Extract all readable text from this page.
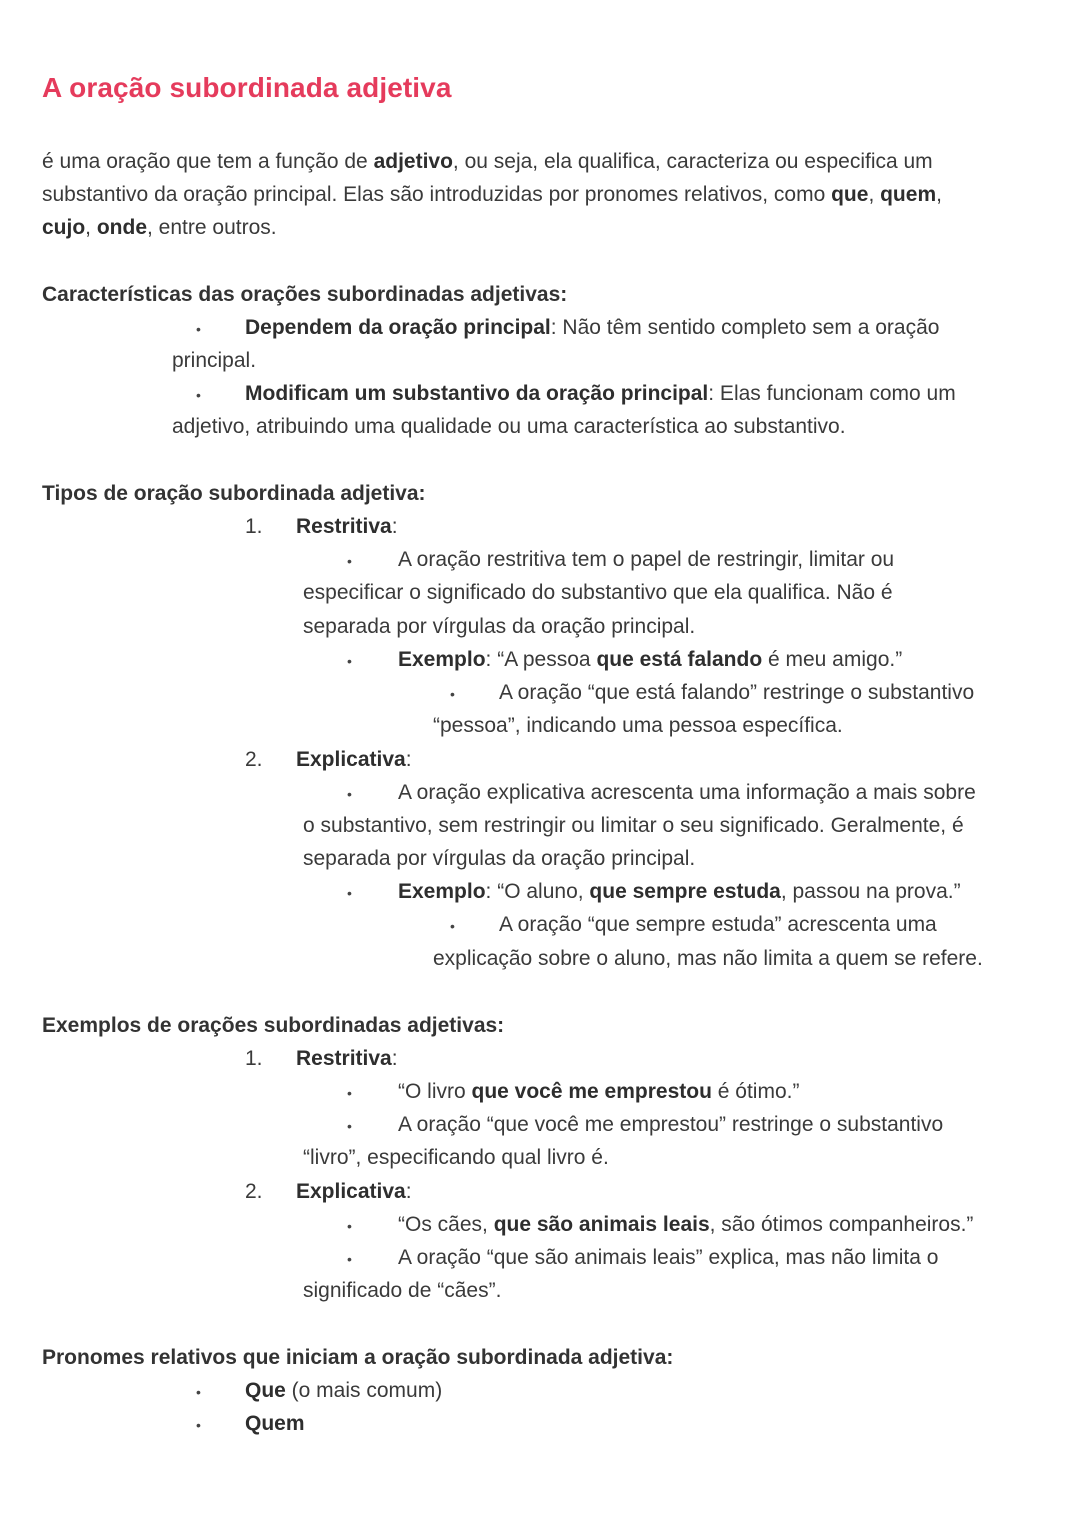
A oração subordinada adjetiva
é uma oração que tem a função de adjetivo, ou seja, ela qualifica, caracteriza ou especifica um
substantivo da oração principal. Elas são introduzidas por pronomes relativos, como que, quem,
cujo, onde, entre outros.
Características das orações subordinadas adjetivas:
• Dependem da oração principal: Não têm sentido completo sem a oração
principal.
• Modificam um substantivo da oração principal: Elas funcionam como um
adjetivo, atribuindo uma qualidade ou uma característica ao substantivo.
Tipos de oração subordinada adjetiva:
1. Restritiva:
• A oração restritiva tem o papel de restringir, limitar ou
especificar o significado do substantivo que ela qualifica. Não é
separada por vírgulas da oração principal.
• Exemplo: “A pessoa que está falando é meu amigo.”
• A oração “que está falando” restringe o substantivo
“pessoa”, indicando uma pessoa específica.
2. Explicativa:
• A oração explicativa acrescenta uma informação a mais sobre
o substantivo, sem restringir ou limitar o seu significado. Geralmente, é
separada por vírgulas da oração principal.
• Exemplo: “O aluno, que sempre estuda, passou na prova.”
• A oração “que sempre estuda” acrescenta uma
explicação sobre o aluno, mas não limita a quem se refere.
Exemplos de orações subordinadas adjetivas:
1. Restritiva:
• “O livro que você me emprestou é ótimo.”
• A oração “que você me emprestou” restringe o substantivo
“livro”, especificando qual livro é.
2. Explicativa:
• “Os cães, que são animais leais, são ótimos companheiros.”
• A oração “que são animais leais” explica, mas não limita o
significado de “cães”.
Pronomes relativos que iniciam a oração subordinada adjetiva:
• Que (o mais comum)
• Quem
